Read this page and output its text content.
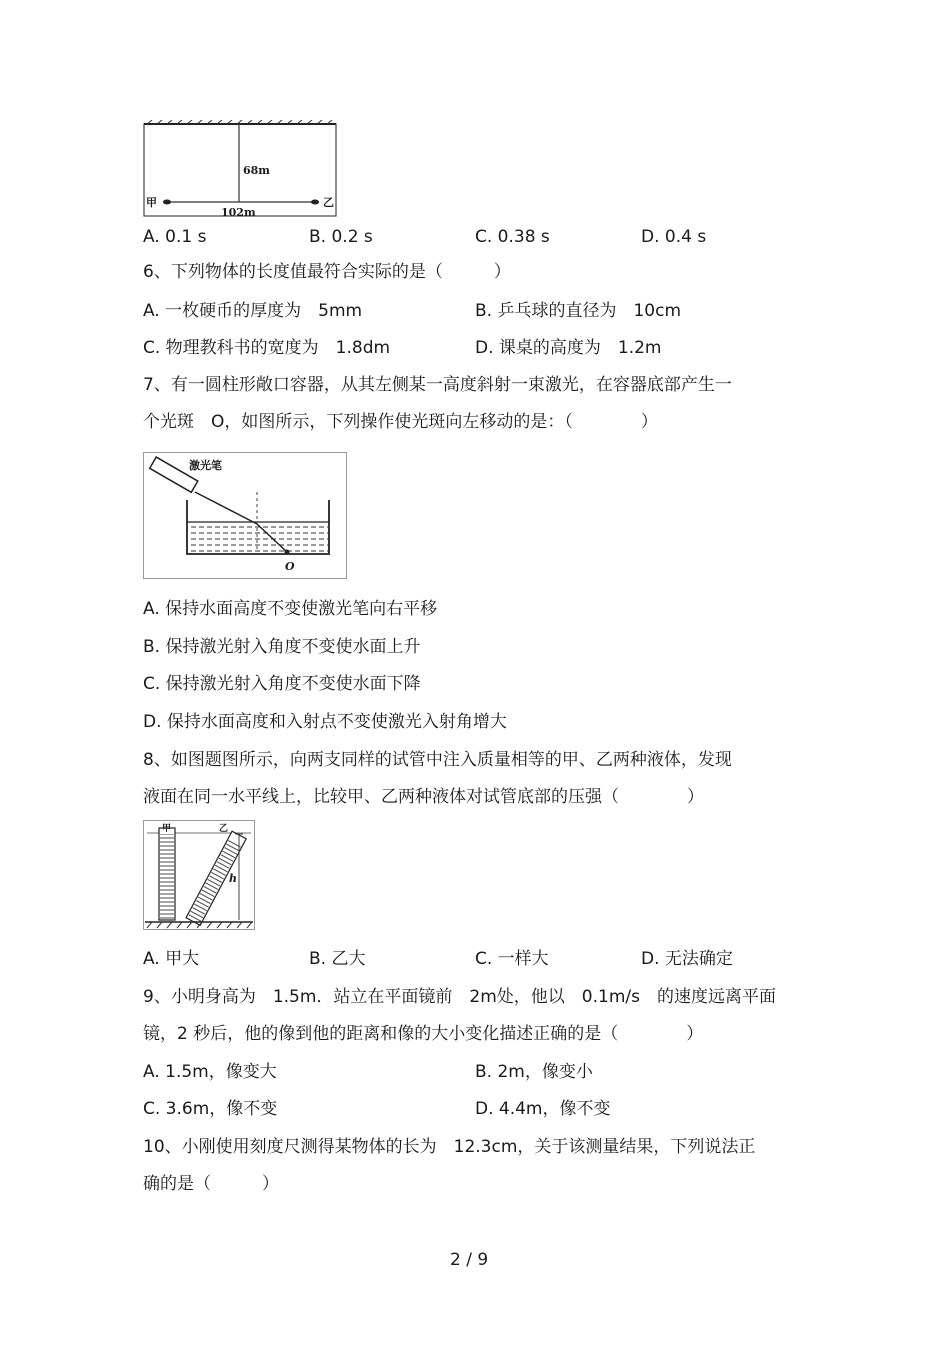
68m
102m
甲	乙
A. 0.1 s	B. 0.2 s	C. 0.38 s	D. 0.4 s
6、下列物体的长度值最符合实际的是（　　　）
A. 一枚硬币的厚度为　5mm	B. 乒乓球的直径为　10cm
C. 物理教科书的宽度为　1.8dm	D. 课桌的高度为　1.2m
7、有一圆柱形敞口容器，从其左侧某一高度斜射一束激光，在容器底部产生一
个光斑　O，如图所示，下列操作使光斑向左移动的是：（　　　　）
激光笔
O
A. 保持水面高度不变使激光笔向右平移
B. 保持激光射入角度不变使水面上升
C. 保持激光射入角度不变使水面下降
D. 保持水面高度和入射点不变使激光入射角增大
8、如图题图所示，向两支同样的试管中注入质量相等的甲、乙两种液体，发现
液面在同一水平线上，比较甲、乙两种液体对试管底部的压强（　　　　）
甲	乙
h
A. 甲大	B. 乙大	C. 一样大	D. 无法确定
9、小明身高为　1.5m．站立在平面镜前　2m处，他以　0.1m/s　的速度远离平面
镜，2 秒后，他的像到他的距离和像的大小变化描述正确的是（　　　　）
A. 1.5m，像变大	B. 2m，像变小
C. 3.6m，像不变	D. 4.4m，像不变
10、小刚使用刻度尺测得某物体的长为　12.3cm，关于该测量结果，下列说法正
确的是（　　　）
2 / 9
